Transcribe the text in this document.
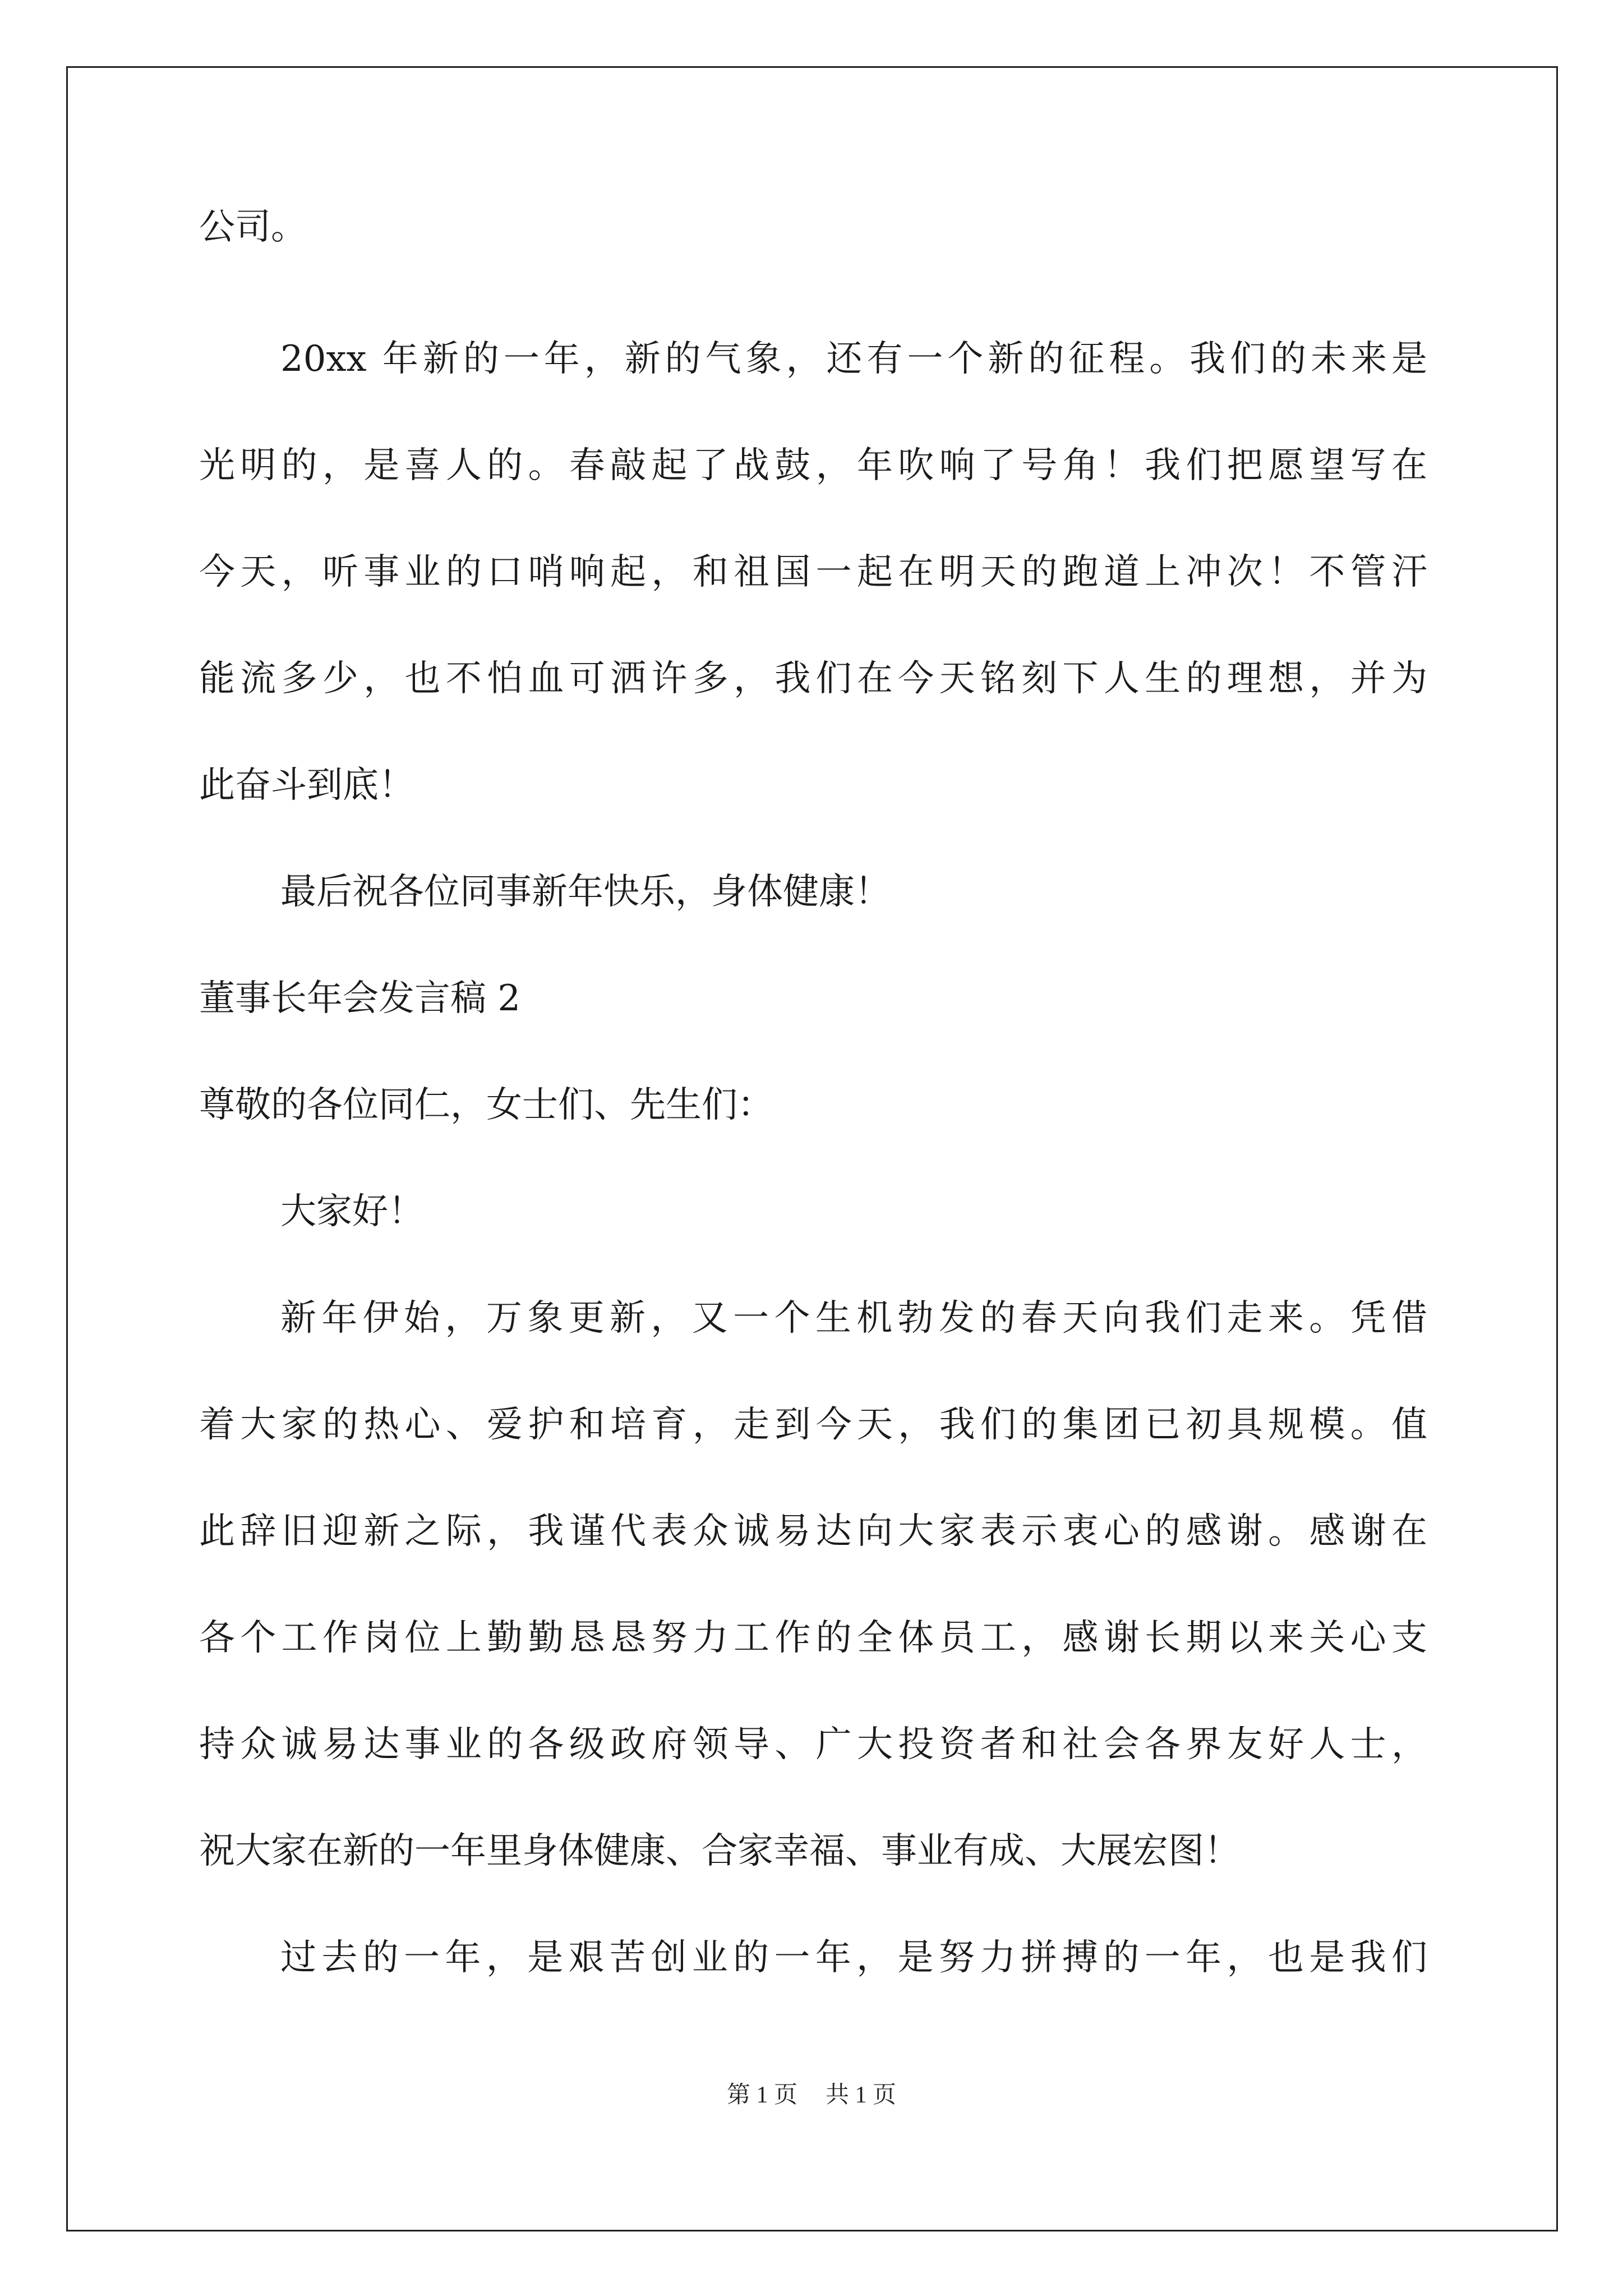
公司。
20xx 年新的一年，新的气象，还有一个新的征程。我们的未来是
光明的，是喜人的。春敲起了战鼓，年吹响了号角！我们把愿望写在
今天，听事业的口哨响起，和祖国一起在明天的跑道上冲次！不管汗
能流多少，也不怕血可洒许多，我们在今天铭刻下人生的理想，并为
此奋斗到底！
最后祝各位同事新年快乐，身体健康！
董事长年会发言稿 2
尊敬的各位同仁，女士们、先生们：
大家好！
新年伊始，万象更新，又一个生机勃发的春天向我们走来。凭借
着大家的热心、爱护和培育，走到今天，我们的集团已初具规模。值
此辞旧迎新之际，我谨代表众诚易达向大家表示衷心的感谢。感谢在
各个工作岗位上勤勤恳恳努力工作的全体员工，感谢长期以来关心支
持众诚易达事业的各级政府领导、广大投资者和社会各界友好人士，
祝大家在新的一年里身体健康、合家幸福、事业有成、大展宏图！
过去的一年，是艰苦创业的一年，是努力拼搏的一年，也是我们
第 1 页 共 1 页
